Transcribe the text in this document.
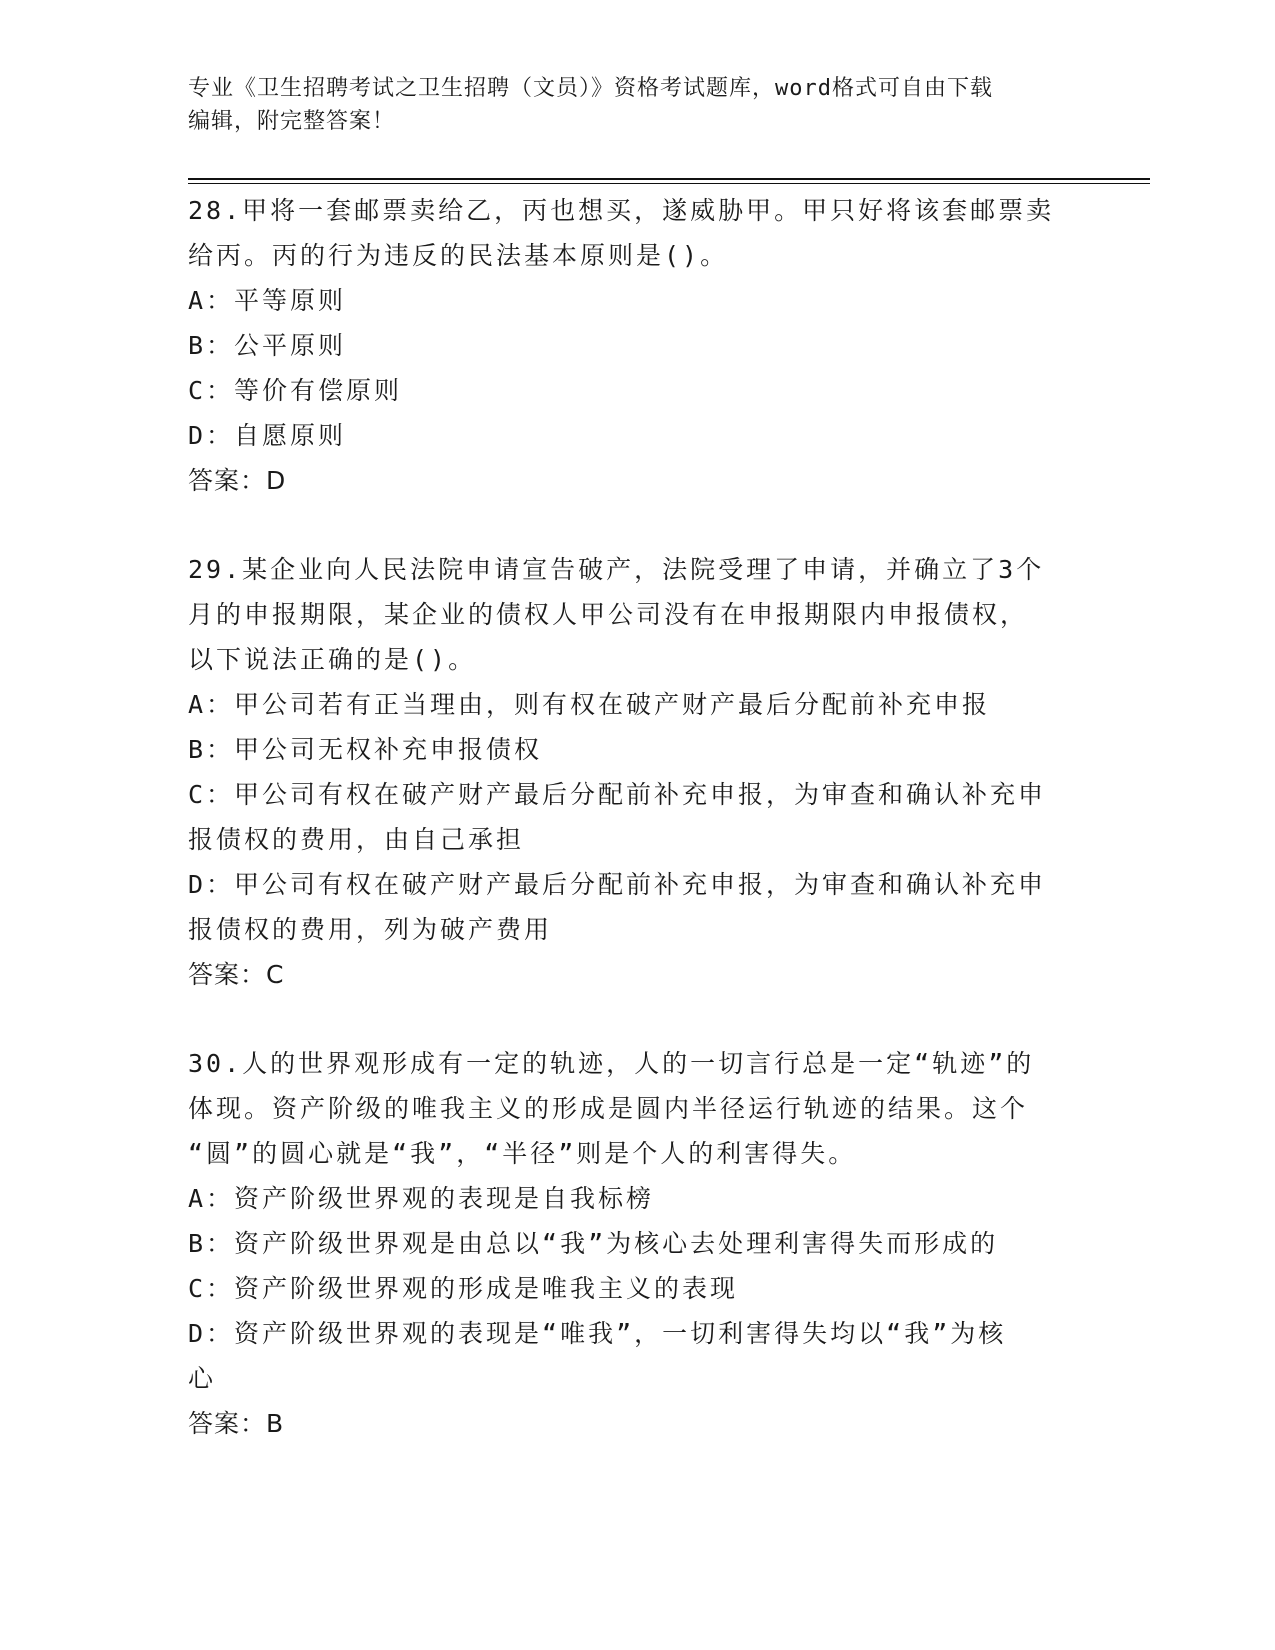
专业《卫生招聘考试之卫生招聘（文员）》资格考试题库，word格式可自由下载
编辑，附完整答案！
28.甲将一套邮票卖给乙，丙也想买，遂威胁甲。甲只好将该套邮票卖
给丙。丙的行为违反的民法基本原则是()。
A：平等原则
B：公平原则
C：等价有偿原则
D：自愿原则
答案：D
29.某企业向人民法院申请宣告破产，法院受理了申请，并确立了3个
月的申报期限，某企业的债权人甲公司没有在申报期限内申报债权，
以下说法正确的是()。
A：甲公司若有正当理由，则有权在破产财产最后分配前补充申报
B：甲公司无权补充申报债权
C：甲公司有权在破产财产最后分配前补充申报，为审查和确认补充申
报债权的费用，由自己承担
D：甲公司有权在破产财产最后分配前补充申报，为审查和确认补充申
报债权的费用，列为破产费用
答案：C
30.人的世界观形成有一定的轨迹，人的一切言行总是一定“轨迹”的
体现。资产阶级的唯我主义的形成是圆内半径运行轨迹的结果。这个
“圆”的圆心就是“我”，“半径”则是个人的利害得失。
A：资产阶级世界观的表现是自我标榜
B：资产阶级世界观是由总以“我”为核心去处理利害得失而形成的
C：资产阶级世界观的形成是唯我主义的表现
D：资产阶级世界观的表现是“唯我”，一切利害得失均以“我”为核
心
答案：B
